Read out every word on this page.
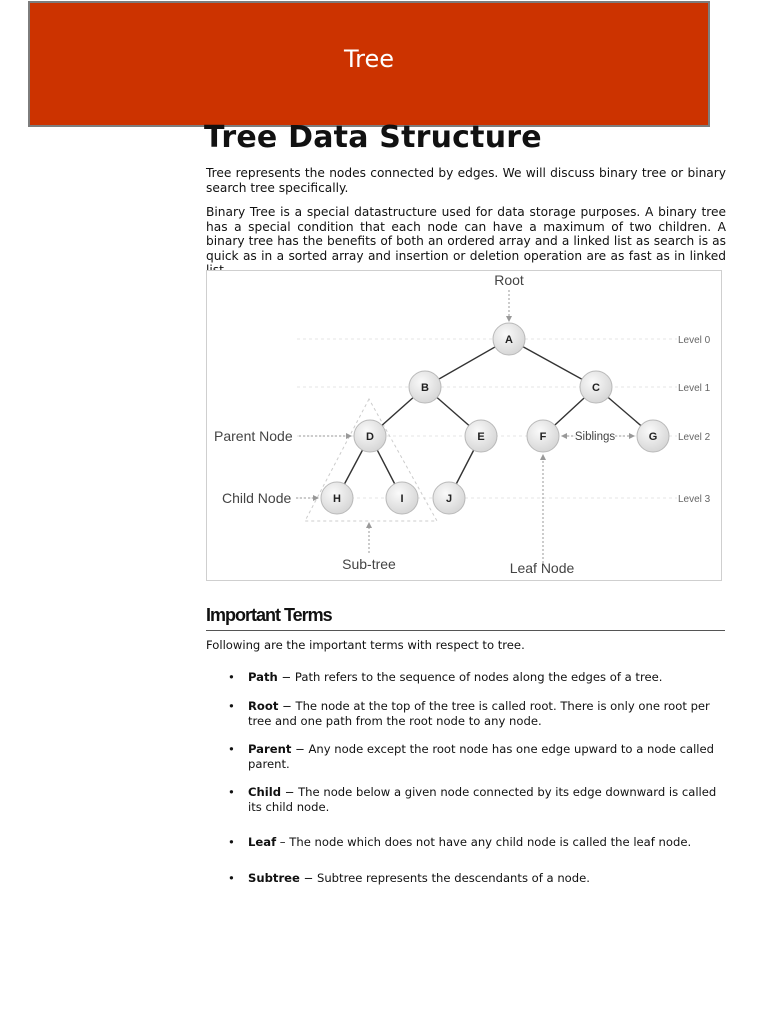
Tree
Tree Data Structure

Tree represents the nodes connected by edges. We will discuss binary tree or binary search tree specifically.

Binary Tree is a special datastructure used for data storage purposes. A binary tree has a special condition that each node can have a maximum of two children. A binary tree has the benefits of both an ordered array and a linked list as search is as quick as in a sorted array and insertion or deletion operation are as fast as in linked

A
B	C
D	E	F	G
H	I	J
Root
Parent Node
Child Node
Sub-tree	Leaf Node
Siblings
Level 0
Level 1
Level 2
Level 3
Important Terms

Following are the important terms with respect to tree.

• Path − Path refers to the sequence of nodes along the edges of a tree.
• Root − The node at the top of the tree is called root. There is only one root per tree and one path from the root node to any node.
• Parent − Any node except the root node has one edge upward to a node called parent.
• Child − The node below a given node connected by its edge downward is called its child node.
• Leaf – The node which does not have any child node is called the leaf node.
• Subtree − Subtree represents the descendants of a node.
